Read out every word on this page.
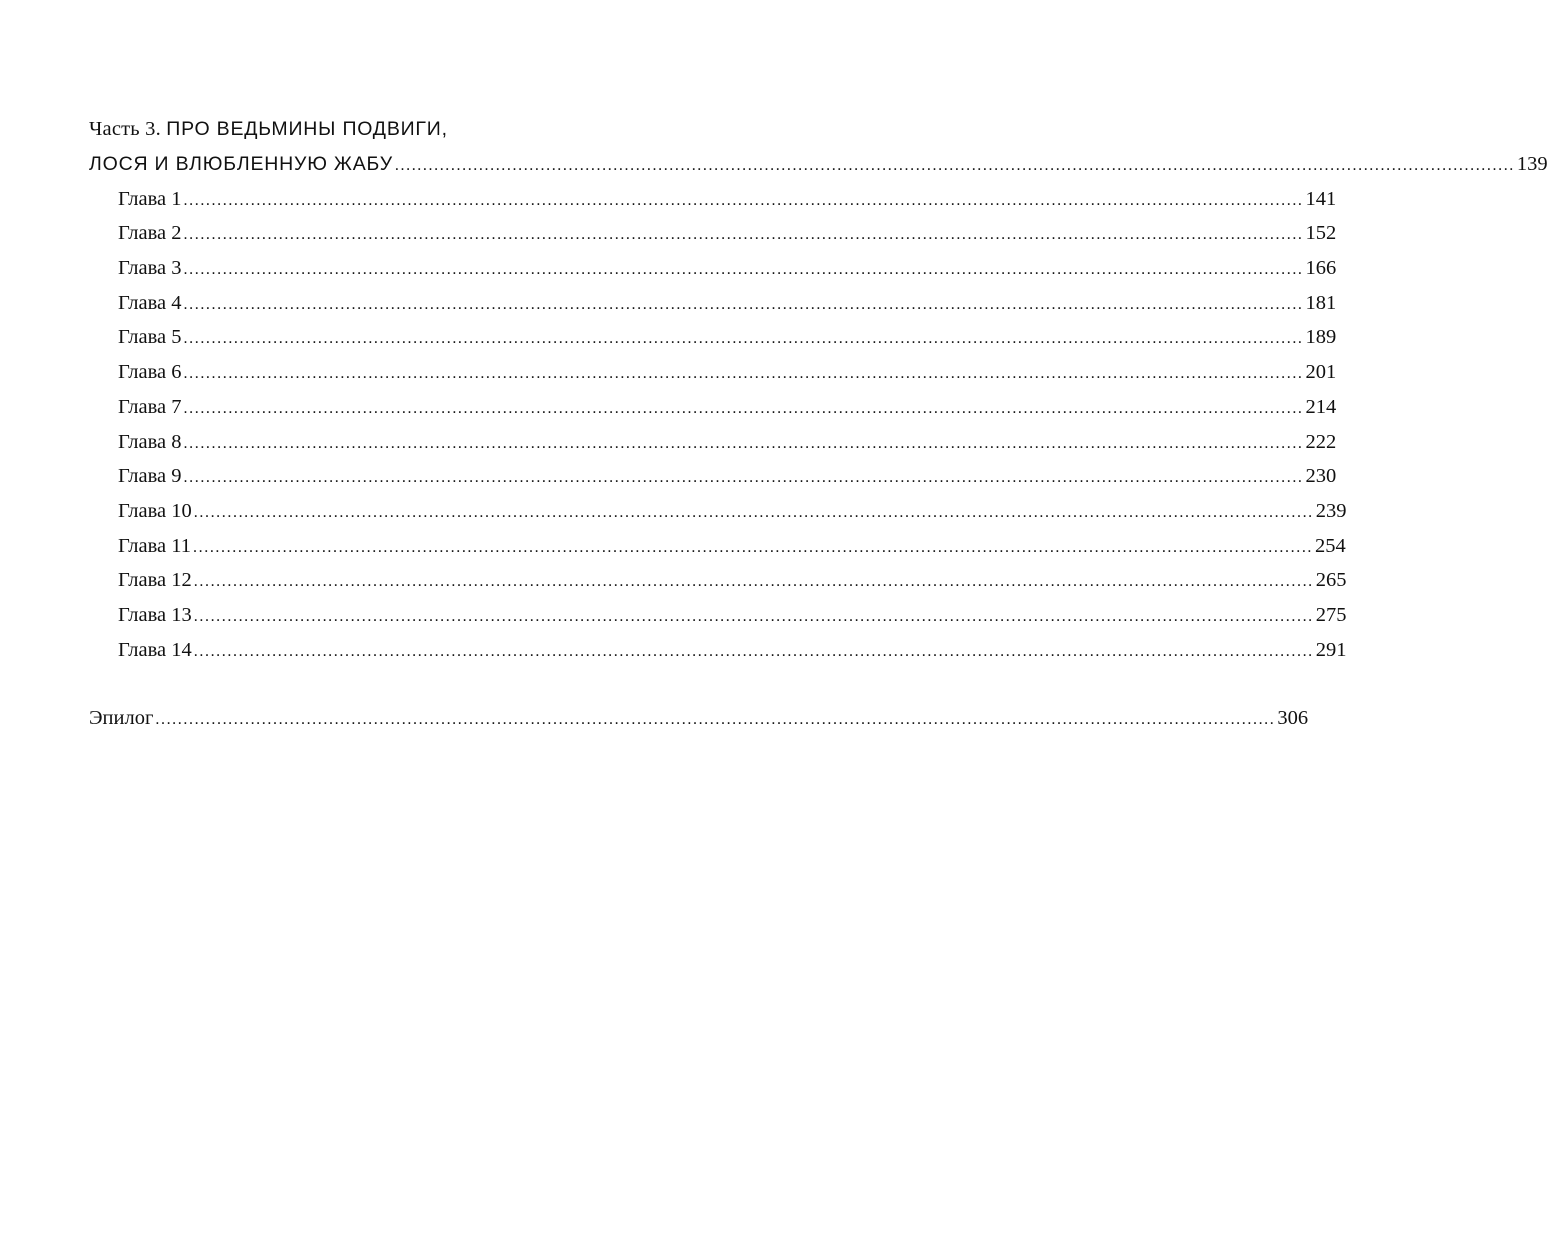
Часть 3. ПРО ВЕДЬМИНЫ ПОДВИГИ,
ЛОСЯ И ВЛЮБЛЕННУЮ ЖАБУ ........................................................................................................................................................................................................ 139
Глава 1 ........................................................................................................................................................................................................ 141
Глава 2 ........................................................................................................................................................................................................ 152
Глава 3 ........................................................................................................................................................................................................ 166
Глава 4 ........................................................................................................................................................................................................ 181
Глава 5 ........................................................................................................................................................................................................ 189
Глава 6 ........................................................................................................................................................................................................ 201
Глава 7 ........................................................................................................................................................................................................ 214
Глава 8 ........................................................................................................................................................................................................ 222
Глава 9 ........................................................................................................................................................................................................ 230
Глава 10 ........................................................................................................................................................................................................ 239
Глава 11 ........................................................................................................................................................................................................ 254
Глава 12 ........................................................................................................................................................................................................ 265
Глава 13 ........................................................................................................................................................................................................ 275
Глава 14 ........................................................................................................................................................................................................ 291
Эпилог ........................................................................................................................................................................................................ 306
